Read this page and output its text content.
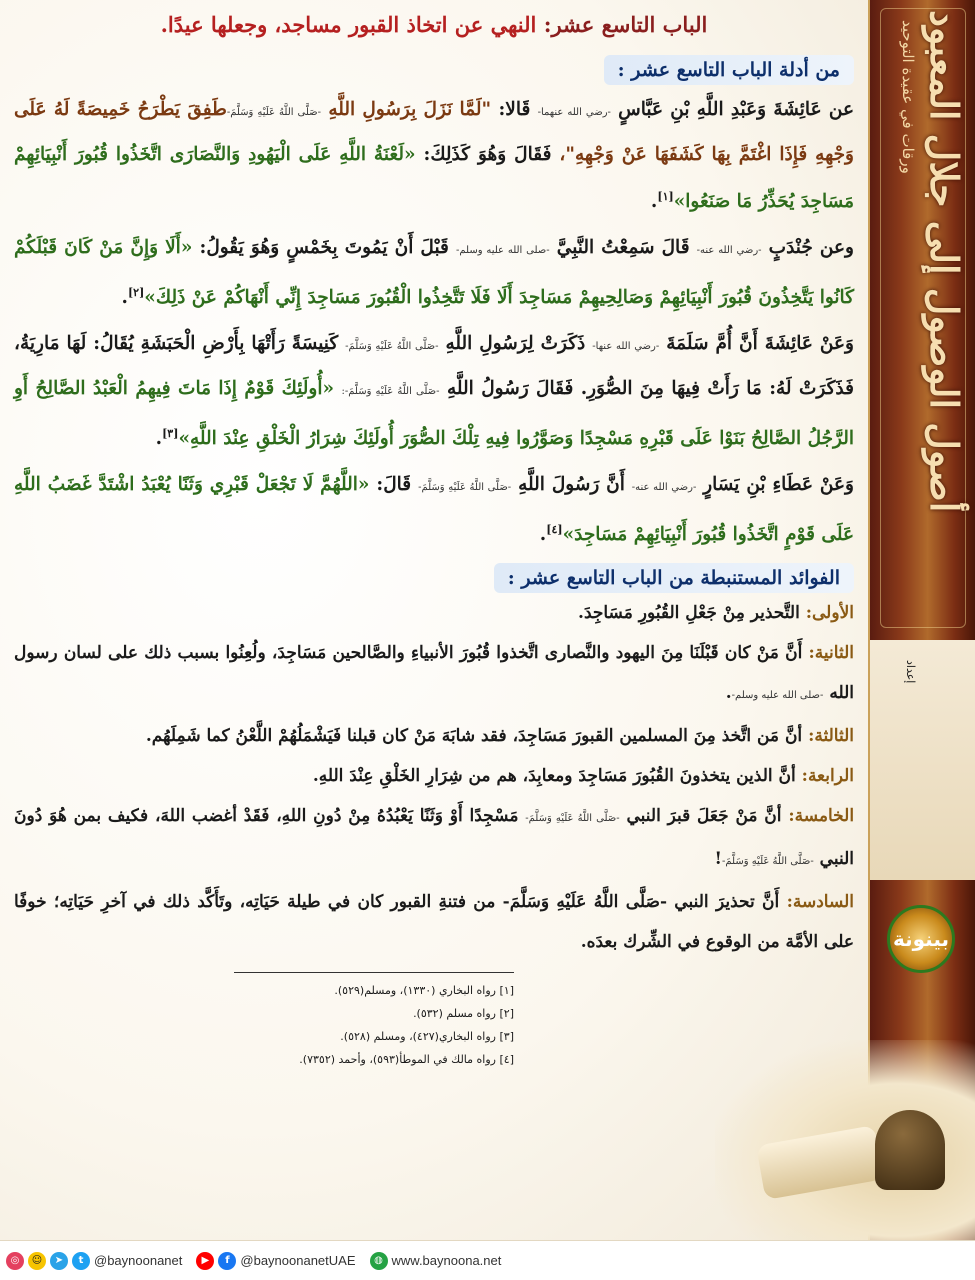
أصول الوصول إلى جلال المعبود
ورقات في عقيدة التوحيد
إعداد
بينونة
الباب التاسع عشر: النهي عن اتخاذ القبور مساجد، وجعلها عيدًا.
من أدلة الباب التاسع عشر :

عن عَائِشَةَ وَعَبْدِ اللَّهِ بْنِ عَبَّاسٍ -رضي الله عنهما- قَالا: "لَمَّا نَزَلَ بِرَسُولِ اللَّهِ -صَلَّى اللَّهُ عَلَيْهِ وَسَلَّمَ-طَفِقَ يَطْرَحُ خَمِيصَةً لَهُ عَلَى وَجْهِهِ فَإِذَا اغْتَمَّ بِهَا كَشَفَهَا عَنْ وَجْهِهِ"، فَقَالَ وَهُوَ كَذَلِكَ: «لَعْنَةُ اللَّهِ عَلَى الْيَهُودِ وَالنَّصَارَى اتَّخَذُوا قُبُورَ أَنْبِيَائِهِمْ مَسَاجِدَ يُحَذِّرُ مَا صَنَعُوا»[١].

وعن جُنْدَبٍ -رضي الله عنه- قَالَ سَمِعْتُ النَّبِيَّ -صلى الله عليه وسلم- قَبْلَ أَنْ يَمُوتَ بِخَمْسٍ وَهُوَ يَقُولُ: «أَلَا وَإِنَّ مَنْ كَانَ قَبْلَكُمْ كَانُوا يَتَّخِذُونَ قُبُورَ أَنْبِيَائِهِمْ وَصَالِحِيهِمْ مَسَاجِدَ أَلَا فَلَا تَتَّخِذُوا الْقُبُورَ مَسَاجِدَ إِنِّي أَنْهَاكُمْ عَنْ ذَلِكَ»[٢].

وَعَنْ عَائِشَةَ أَنَّ أُمَّ سَلَمَةَ -رضي الله عنها- ذَكَرَتْ لِرَسُولِ اللَّهِ -صَلَّى اللَّهُ عَلَيْهِ وَسَلَّمَ- كَنِيسَةً رَأَتْهَا بِأَرْضِ الْحَبَشَةِ يُقَالُ: لَهَا مَارِيَةُ، فَذَكَرَتْ لَهُ: مَا رَأَتْ فِيهَا مِنَ الصُّوَرِ. فَقَالَ رَسُولُ اللَّهِ -صَلَّى اللَّهُ عَلَيْهِ وَسَلَّمَ-: «أُولَئِكَ قَوْمٌ إِذَا مَاتَ فِيهِمُ الْعَبْدُ الصَّالِحُ أَوِ الرَّجُلُ الصَّالِحُ بَنَوْا عَلَى قَبْرِهِ مَسْجِدًا وَصَوَّرُوا فِيهِ تِلْكَ الصُّوَرَ أُولَئِكَ شِرَارُ الْخَلْقِ عِنْدَ اللَّهِ»[٣].

وَعَنْ عَطَاءِ بْنِ يَسَارٍ -رضي الله عنه- أَنَّ رَسُولَ اللَّهِ -صَلَّى اللَّهُ عَلَيْهِ وَسَلَّمَ- قَالَ: «اللَّهُمَّ لَا تَجْعَلْ قَبْرِي وَثَنًا يُعْبَدُ اشْتَدَّ غَضَبُ اللَّهِ عَلَى قَوْمٍ اتَّخَذُوا قُبُورَ أَنْبِيَائِهِمْ مَسَاجِدَ»[٤].

الفوائد المستنبطة من الباب التاسع عشر :

الأولى: التَّحذير مِنْ جَعْلِ القُبُورِ مَسَاجِدَ.

الثانية: أَنَّ مَنْ كان قَبْلَنَا مِنَ اليهود والنَّصارى اتَّخذوا قُبُورَ الأنبياءِ والصَّالحين مَسَاجِدَ، ولُعِنُوا بسبب ذلك على لسان رسول الله -صلى الله عليه وسلم-.

الثالثة: أنَّ مَن اتَّخذ مِنَ المسلمين القبورَ مَسَاجِدَ، فقد شابَهَ مَنْ كان قبلنا فَيَشْمَلُهُمْ اللَّعْنُ كما شَمِلَهُم.

الرابعة: أنَّ الذين يتخذونَ القُبُورَ مَسَاجِدَ ومعابِدَ، هم من شِرَارِ الخَلْقِ عِنْدَ اللهِ.

الخامسة: أنَّ مَنْ جَعَلَ قبرَ النبي -صَلَّى اللَّهُ عَلَيْهِ وَسَلَّمَ- مَسْجِدًا أَوْ وَثَنًا يَعْبُدُهُ مِنْ دُونِ اللهِ، فَقَدْ أغضب اللهَ، فكيف بمن هُوَ دُونَ النبي -صَلَّى اللَّهُ عَلَيْهِ وَسَلَّمَ-!

السادسة: أَنَّ تحذيرَ النبي -صَلَّى اللَّهُ عَلَيْهِ وَسَلَّمَ- من فتنةِ القبور كان في طيلة حَيَاتِه، وتَأَكَّد ذلك في آخرِ حَيَاتِه؛ خوفًا على الأمَّة من الوقوع في الشِّرك بعدَه.

[١] رواه البخاري (١٣٣٠)، ومسلم(٥٢٩).
[٢] رواه مسلم (٥٣٢).
[٣] رواه البخاري(٤٢٧)، ومسلم (٥٢٨).
[٤] رواه مالك في الموطأ(٥٩٣)، وأحمد (٧٣٥٢).
◎	☺	➤	t @baynoonanet	▶	f @baynoonanetUAE	◍ www.baynoona.net
